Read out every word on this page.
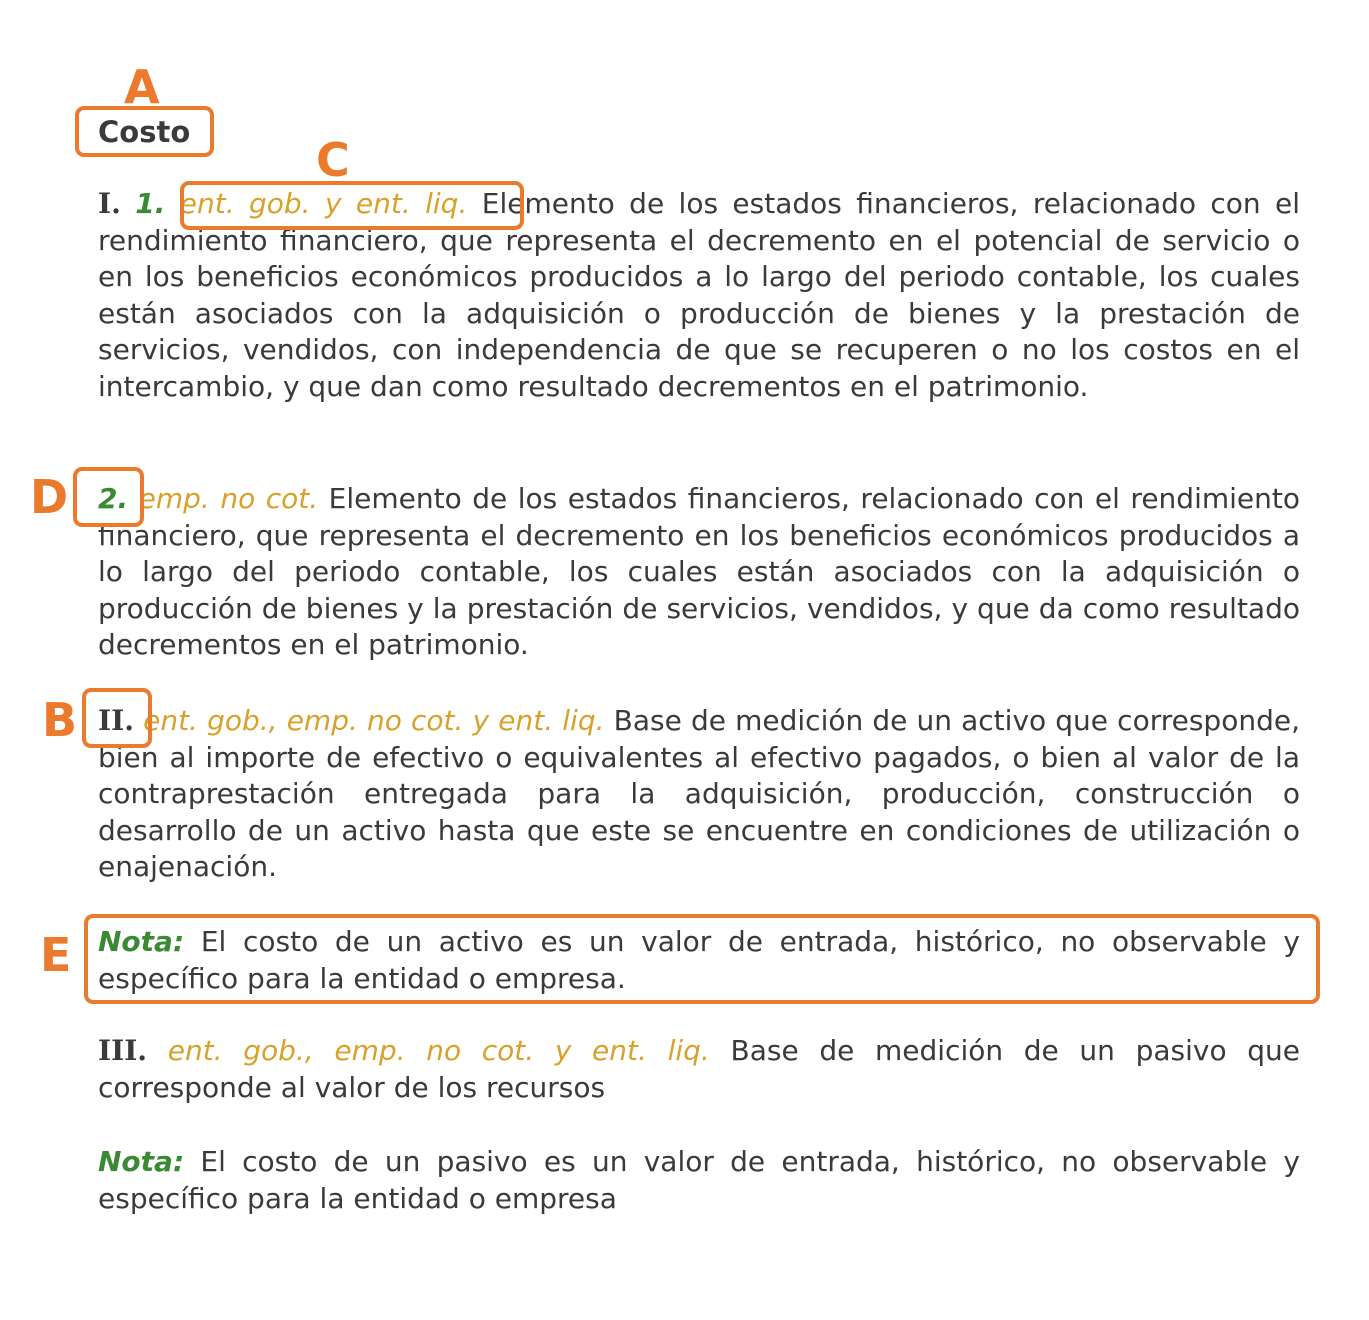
Costo

I. 1. ent. gob. y ent. liq. Elemento de los estados financieros, relacionado con el rendimiento financiero, que representa el decremento en el potencial de servicio o en los beneficios económicos producidos a lo largo del periodo contable, los cuales están asociados con la adquisición o producción de bienes y la prestación de servicios, vendidos, con independencia de que se recuperen o no los costos en el intercambio, y que dan como resultado decrementos en el patrimonio.

2. emp. no cot. Elemento de los estados financieros, relacionado con el rendimiento financiero, que representa el decremento en los beneficios económicos producidos a lo largo del periodo contable, los cuales están asociados con la adquisición o producción de bienes y la prestación de servicios, vendidos, y que da como resultado decrementos en el patrimonio.

II. ent. gob., emp. no cot. y ent. liq. Base de medición de un activo que corresponde, bien al importe de efectivo o equivalentes al efectivo pagados, o bien al valor de la contraprestación entregada para la adquisición, producción, construcción o desarrollo de un activo hasta que este se encuentre en condiciones de utilización o enajenación.

Nota: El costo de un activo es un valor de entrada, histórico, no observable y específico para la entidad o empresa.

III. ent. gob., emp. no cot. y ent. liq. Base de medición de un pasivo que corresponde al valor de los recursos

Nota: El costo de un pasivo es un valor de entrada, histórico, no observable y específico para la entidad o empresa

A
C
D
B
E
